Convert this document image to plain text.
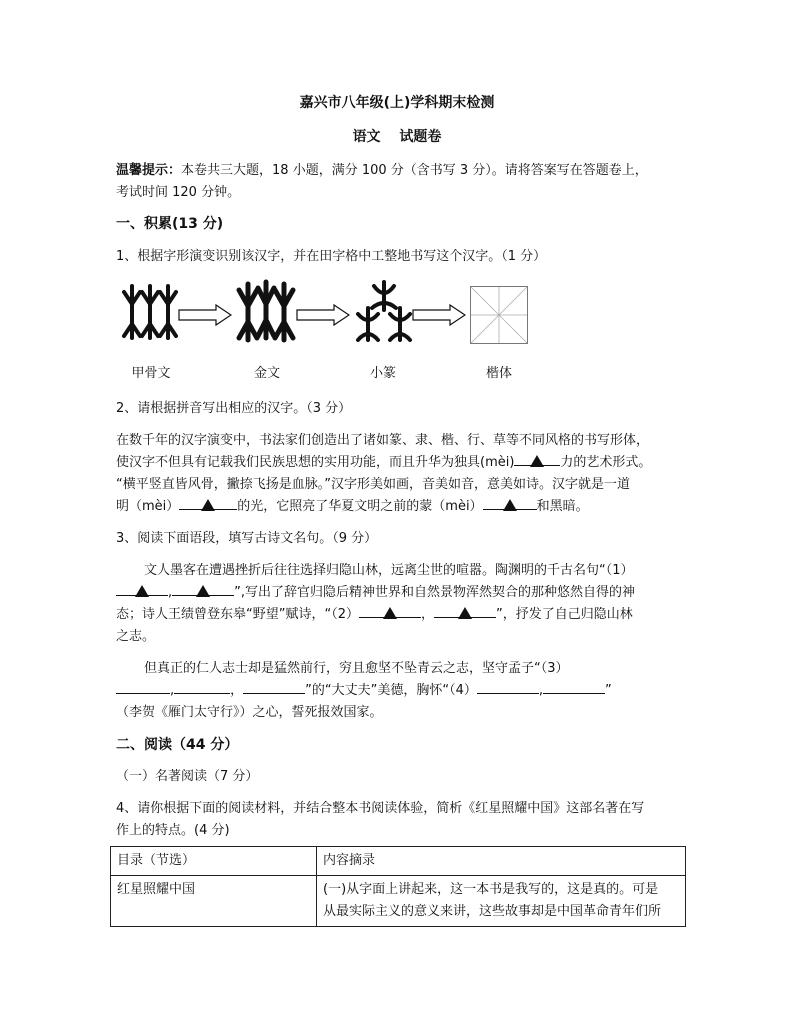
嘉兴市八年级(上)学科期末检测
语文　 试题卷
温馨提示：本卷共三大题，18 小题，满分 100 分（含书写 3 分）。请将答案写在答题卷上，
考试时间 120 分钟。
一、积累(13 分)
1、根据字形演变识别该汉字，并在田字格中工整地书写这个汉字。（1 分）
甲骨文	金文	小篆	楷体
2、请根据拼音写出相应的汉字。（3 分）
在数千年的汉字演变中，书法家们创造出了诸如篆、隶、楷、行、草等不同风格的书写形体，
使汉字不但具有记载我们民族思想的实用功能，而且升华为独具(mèi)	力的艺术形式。
“横平竖直皆风骨，撇捺飞扬是血脉。”汉字形美如画，音美如音，意美如诗。汉字就是一道
明（mèi）	的光，它照亮了华夏文明之前的蒙（mèi）	和黑暗。
3、阅读下面语段，填写古诗文名句。（9 分）
文人墨客在遭遇挫折后往往选择归隐山林，远离尘世的喧嚣。陶渊明的千古名句“（1）
,	”,写出了辞官归隐后精神世界和自然景物浑然契合的那种悠然自得的神
态；诗人王绩曾登东皋“野望”赋诗，“（2）	，	”，抒发了自己归隐山林
之志。
但真正的仁人志士却是猛然前行，穷且愈坚不坠青云之志，坚守孟子“（3）
,	，	”的“大丈夫”美德，胸怀“（4）	,	”
（李贺《雁门太守行》）之心，誓死报效国家。
二、阅读（44 分）
（一）名著阅读（7 分）
4、请你根据下面的阅读材料，并结合整本书阅读体验，简析《红星照耀中国》这部名著在写
作上的特点。(4 分)
目录（节选）	内容摘录
红星照耀中国	(一)从字面上讲起来，这一本书是我写的，这是真的。可是
从最实际主义的意义来讲，这些故事却是中国革命青年们所
